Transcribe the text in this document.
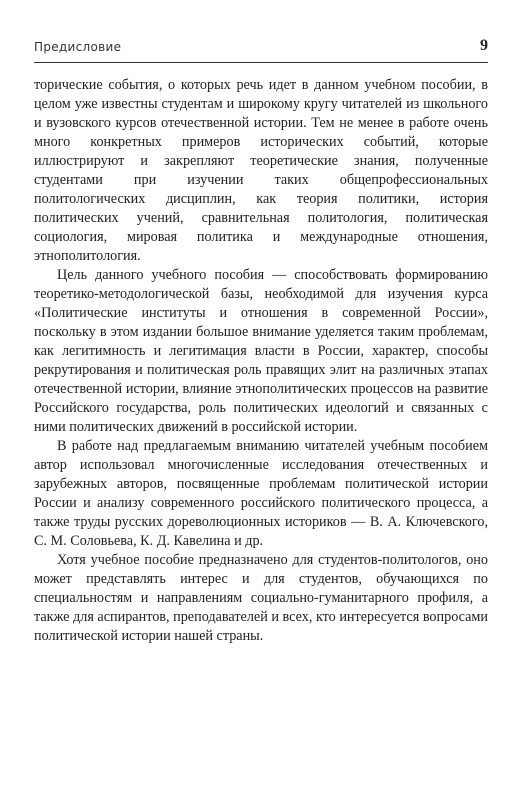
Предисловие	9

торические события, о которых речь идет в данном учебном пособии, в целом уже известны студентам и широкому кругу читателей из школьного и вузовского курсов отечественной истории. Тем не менее в работе очень много конкретных примеров исторических событий, которые иллюстрируют и закрепляют теоретические знания, полученные студентами при изучении таких общепрофессиональных политологических дисциплин, как теория политики, история политических учений, сравнительная политология, политическая социология, мировая политика и международные отношения, этнополитология.

Цель данного учебного пособия — способствовать формированию теоретико-методологической базы, необходимой для изучения курса «Политические институты и отношения в современной России», поскольку в этом издании большое внимание уделяется таким проблемам, как легитимность и легитимация власти в России, характер, способы рекрутирования и политическая роль правящих элит на различных этапах отечественной истории, влияние этнополитических процессов на развитие Российского государства, роль политических идеологий и связанных с ними политических движений в российской истории.

В работе над предлагаемым вниманию читателей учебным пособием автор использовал многочисленные исследования отечественных и зарубежных авторов, посвященные проблемам политической истории России и анализу современного российского политического процесса, а также труды русских дореволюционных историков — В. А. Ключевского, С. М. Соловьева, К. Д. Кавелина и др.

Хотя учебное пособие предназначено для студентов-политологов, оно может представлять интерес и для студентов, обучающихся по специальностям и направлениям социально-гуманитарного профиля, а также для аспирантов, преподавателей и всех, кто интересуется вопросами политической истории нашей страны.
